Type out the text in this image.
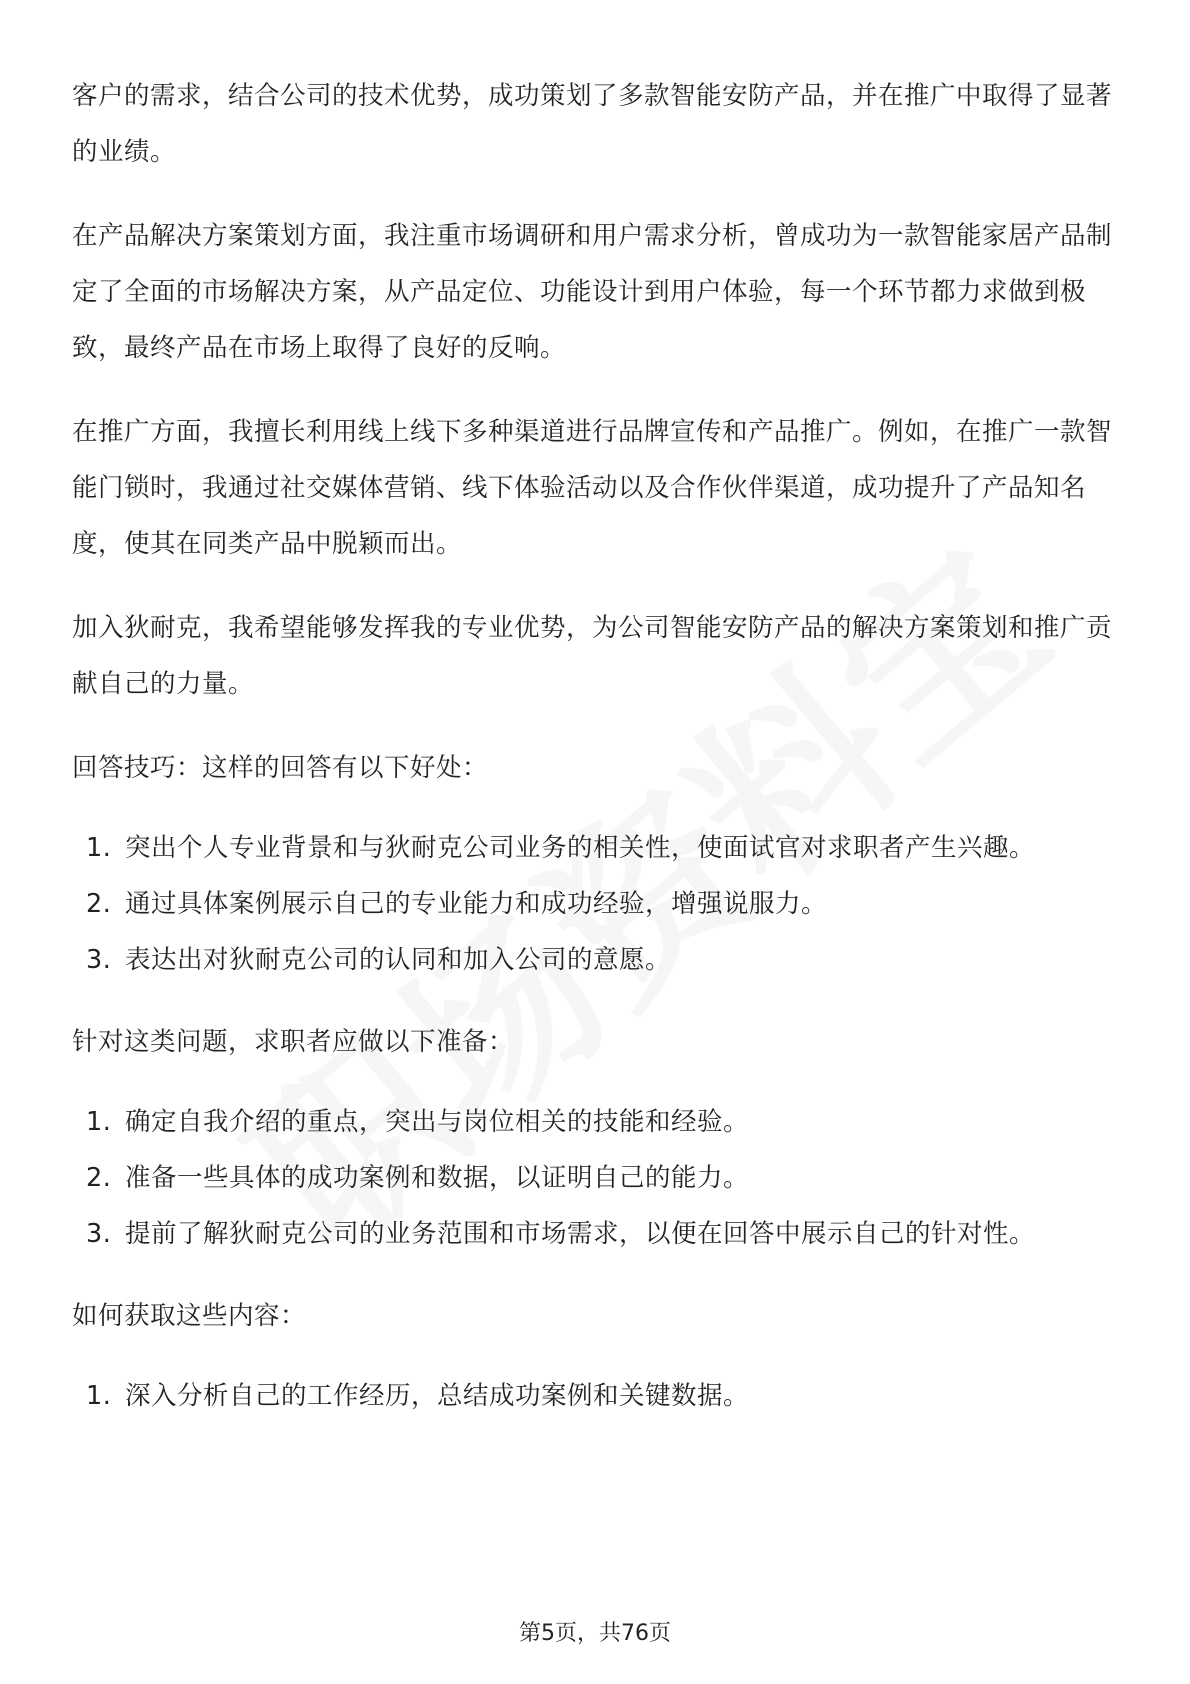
客户的需求，结合公司的技术优势，成功策划了多款智能安防产品，并在推广中取得了显著的业绩。

在产品解决方案策划方面，我注重市场调研和用户需求分析，曾成功为一款智能家居产品制定了全面的市场解决方案，从产品定位、功能设计到用户体验，每一个环节都力求做到极致，最终产品在市场上取得了良好的反响。

在推广方面，我擅长利用线上线下多种渠道进行品牌宣传和产品推广。例如，在推广一款智能门锁时，我通过社交媒体营销、线下体验活动以及合作伙伴渠道，成功提升了产品知名度，使其在同类产品中脱颖而出。

加入狄耐克，我希望能够发挥我的专业优势，为公司智能安防产品的解决方案策划和推广贡献自己的力量。

回答技巧：这样的回答有以下好处：

1. 突出个人专业背景和与狄耐克公司业务的相关性，使面试官对求职者产生兴趣。
2. 通过具体案例展示自己的专业能力和成功经验，增强说服力。
3. 表达出对狄耐克公司的认同和加入公司的意愿。

针对这类问题，求职者应做以下准备：

1. 确定自我介绍的重点，突出与岗位相关的技能和经验。
2. 准备一些具体的成功案例和数据，以证明自己的能力。
3. 提前了解狄耐克公司的业务范围和市场需求，以便在回答中展示自己的针对性。

如何获取这些内容：

1. 深入分析自己的工作经历，总结成功案例和关键数据。
第5页，共76页
